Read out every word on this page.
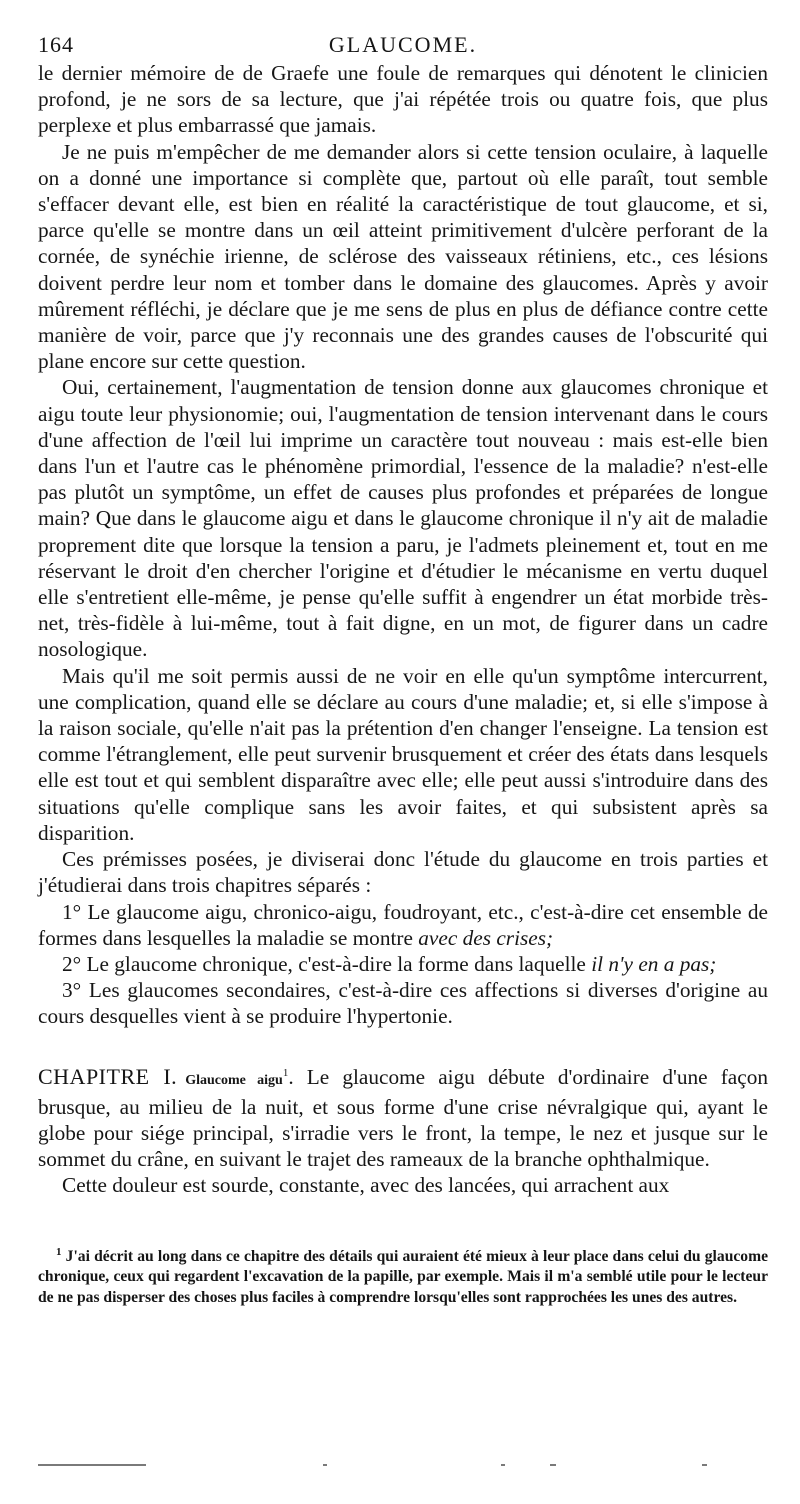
164	GLAUCOME.

le dernier mémoire de de Graefe une foule de remarques qui dénotent le clinicien profond, je ne sors de sa lecture, que j'ai répétée trois ou quatre fois, que plus perplexe et plus embarrassé que jamais.

Je ne puis m'empêcher de me demander alors si cette tension oculaire, à laquelle on a donné une importance si complète que, partout où elle paraît, tout semble s'effacer devant elle, est bien en réalité la caractéristique de tout glaucome, et si, parce qu'elle se montre dans un œil atteint primitivement d'ulcère perforant de la cornée, de synéchie irienne, de sclérose des vaisseaux rétiniens, etc., ces lésions doivent perdre leur nom et tomber dans le domaine des glaucomes. Après y avoir mûrement réfléchi, je déclare que je me sens de plus en plus de défiance contre cette manière de voir, parce que j'y reconnais une des grandes causes de l'obscurité qui plane encore sur cette question.

Oui, certainement, l'augmentation de tension donne aux glaucomes chronique et aigu toute leur physionomie; oui, l'augmentation de tension intervenant dans le cours d'une affection de l'œil lui imprime un caractère tout nouveau : mais est-elle bien dans l'un et l'autre cas le phénomène primordial, l'essence de la maladie? n'est-elle pas plutôt un symptôme, un effet de causes plus profondes et préparées de longue main? Que dans le glaucome aigu et dans le glaucome chronique il n'y ait de maladie proprement dite que lorsque la tension a paru, je l'admets pleinement et, tout en me réservant le droit d'en chercher l'origine et d'étudier le mécanisme en vertu duquel elle s'entretient elle-même, je pense qu'elle suffit à engendrer un état morbide très-net, très-fidèle à lui-même, tout à fait digne, en un mot, de figurer dans un cadre nosologique.

Mais qu'il me soit permis aussi de ne voir en elle qu'un symptôme intercurrent, une complication, quand elle se déclare au cours d'une maladie; et, si elle s'impose à la raison sociale, qu'elle n'ait pas la prétention d'en changer l'enseigne. La tension est comme l'étranglement, elle peut survenir brusquement et créer des états dans lesquels elle est tout et qui semblent disparaître avec elle; elle peut aussi s'introduire dans des situations qu'elle complique sans les avoir faites, et qui subsistent après sa disparition.

Ces prémisses posées, je diviserai donc l'étude du glaucome en trois parties et j'étudierai dans trois chapitres séparés :

1° Le glaucome aigu, chronico-aigu, foudroyant, etc., c'est-à-dire cet ensemble de formes dans lesquelles la maladie se montre avec des crises;

2° Le glaucome chronique, c'est-à-dire la forme dans laquelle il n'y en a pas;

3° Les glaucomes secondaires, c'est-à-dire ces affections si diverses d'origine au cours desquelles vient à se produire l'hypertonie.

CHAPITRE I. Glaucome aigu$^1$. Le glaucome aigu débute d'ordinaire d'une façon brusque, au milieu de la nuit, et sous forme d'une crise névralgique qui, ayant le globe pour siége principal, s'irradie vers le front, la tempe, le nez et jusque sur le sommet du crâne, en suivant le trajet des rameaux de la branche ophthalmique.

Cette douleur est sourde, constante, avec des lancées, qui arrachent aux

$^1$ J'ai décrit au long dans ce chapitre des détails qui auraient été mieux à leur place dans celui du glaucome chronique, ceux qui regardent l'excavation de la papille, par exemple. Mais il m'a semblé utile pour le lecteur de ne pas disperser des choses plus faciles à comprendre lorsqu'elles sont rapprochées les unes des autres.
